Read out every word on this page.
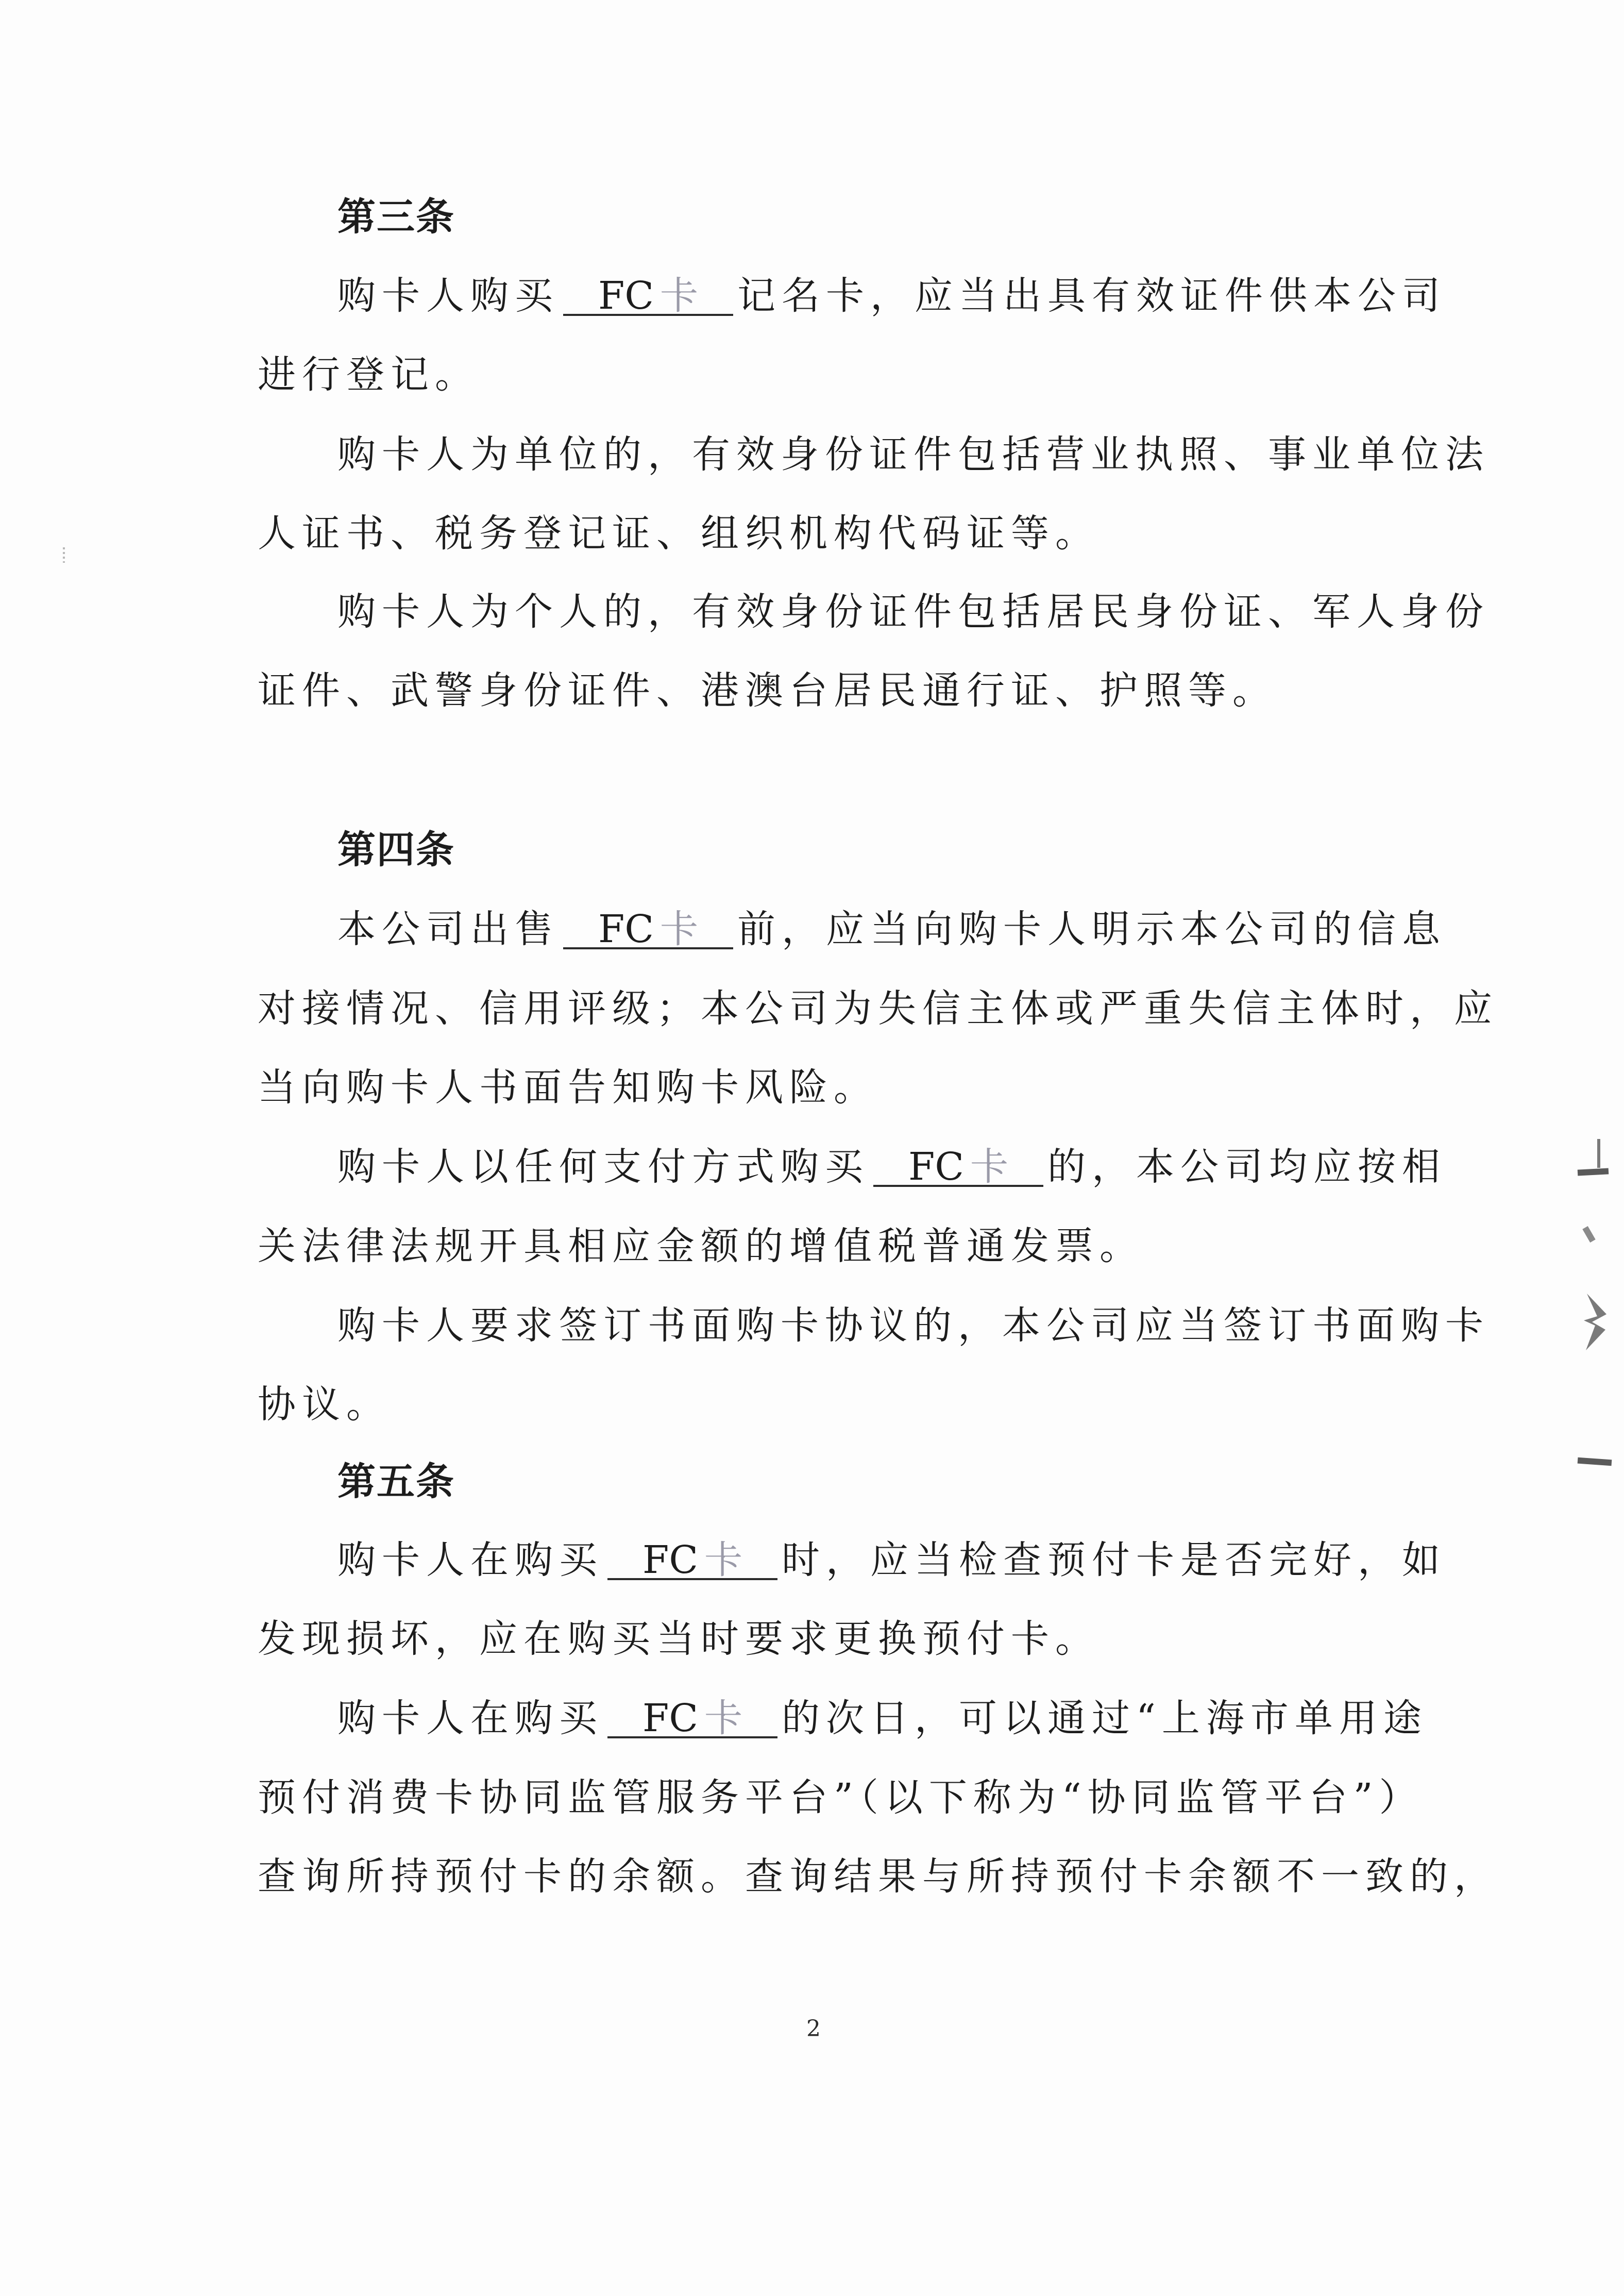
第三条
购卡人购买 FC 卡 记名卡，应当出具有效证件供本公司
进行登记。
购卡人为单位的，有效身份证件包括营业执照、事业单位法
人证书、税务登记证、组织机构代码证等。
购卡人为个人的，有效身份证件包括居民身份证、军人身份
证件、武警身份证件、港澳台居民通行证、护照等。
第四条
本公司出售 FC 卡 前，应当向购卡人明示本公司的信息
对接情况、信用评级；本公司为失信主体或严重失信主体时，应
当向购卡人书面告知购卡风险。
购卡人以任何支付方式购买 FC 卡 的，本公司均应按相
关法律法规开具相应金额的增值税普通发票。
购卡人要求签订书面购卡协议的，本公司应当签订书面购卡
协议。
第五条
购卡人在购买 FC 卡 时，应当检查预付卡是否完好，如
发现损坏，应在购买当时要求更换预付卡。
购卡人在购买 FC 卡 的次日，可以通过“上海市单用途
预付消费卡协同监管服务平台”（以下称为“协同监管平台”）
查询所持预付卡的余额。查询结果与所持预付卡余额不一致的，
2
